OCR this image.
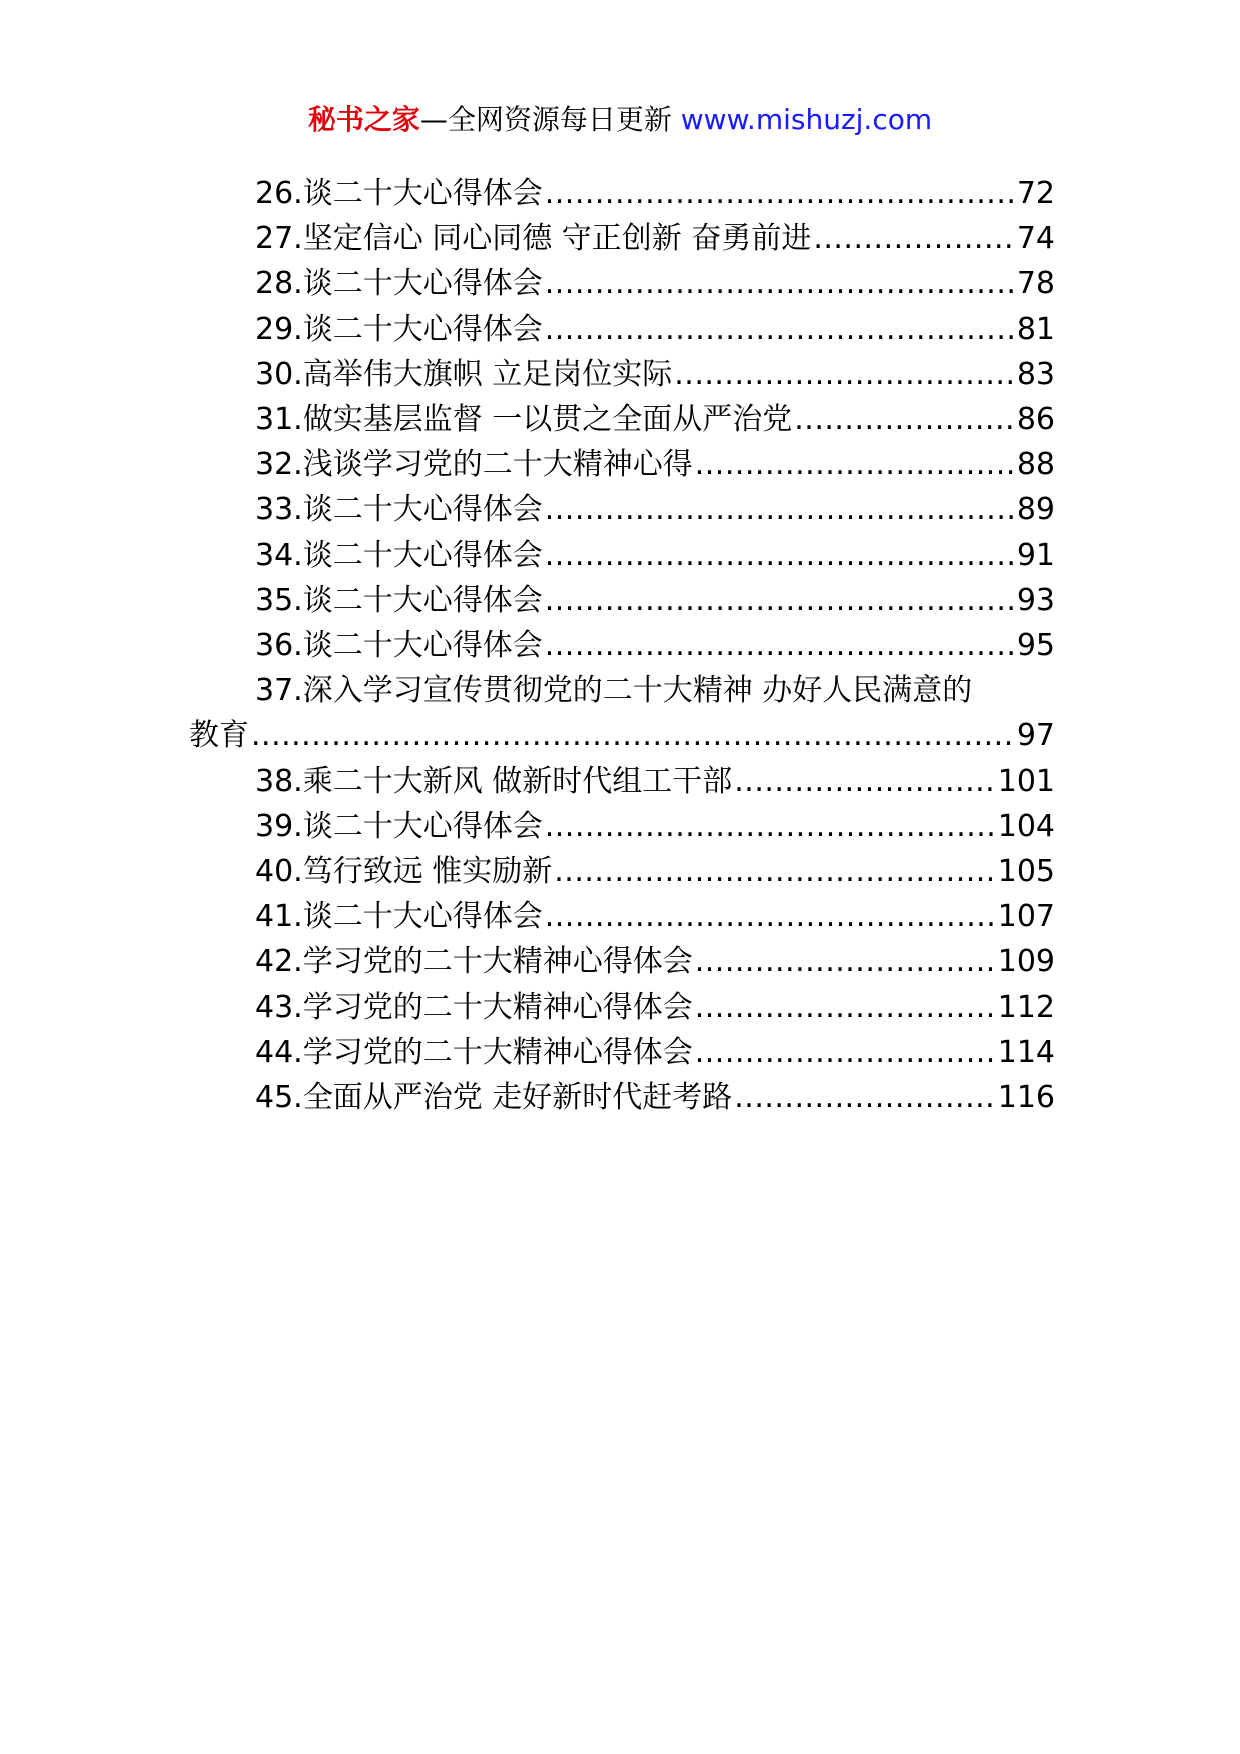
秘书之家—全网资源每日更新 www.mishuzj.com
26.谈二十大心得体会 .....	72
27.坚定信心 同心同德 守正创新 奋勇前进 .....	74
28.谈二十大心得体会 .....	78
29.谈二十大心得体会 .....	81
30.高举伟大旗帜 立足岗位实际 .....	83
31.做实基层监督 一以贯之全面从严治党 .....	86
32.浅谈学习党的二十大精神心得 .....	88
33.谈二十大心得体会 .....	89
34.谈二十大心得体会 .....	91
35.谈二十大心得体会 .....	93
36.谈二十大心得体会 .....	95
37.深入学习宣传贯彻党的二十大精神 办好人民满意的
教育 .....	97
38.乘二十大新风 做新时代组工干部 .....	101
39.谈二十大心得体会 .....	104
40.笃行致远 惟实励新 .....	105
41.谈二十大心得体会 .....	107
42.学习党的二十大精神心得体会 .....	109
43.学习党的二十大精神心得体会 .....	112
44.学习党的二十大精神心得体会 .....	114
45.全面从严治党 走好新时代赶考路 .....	116
